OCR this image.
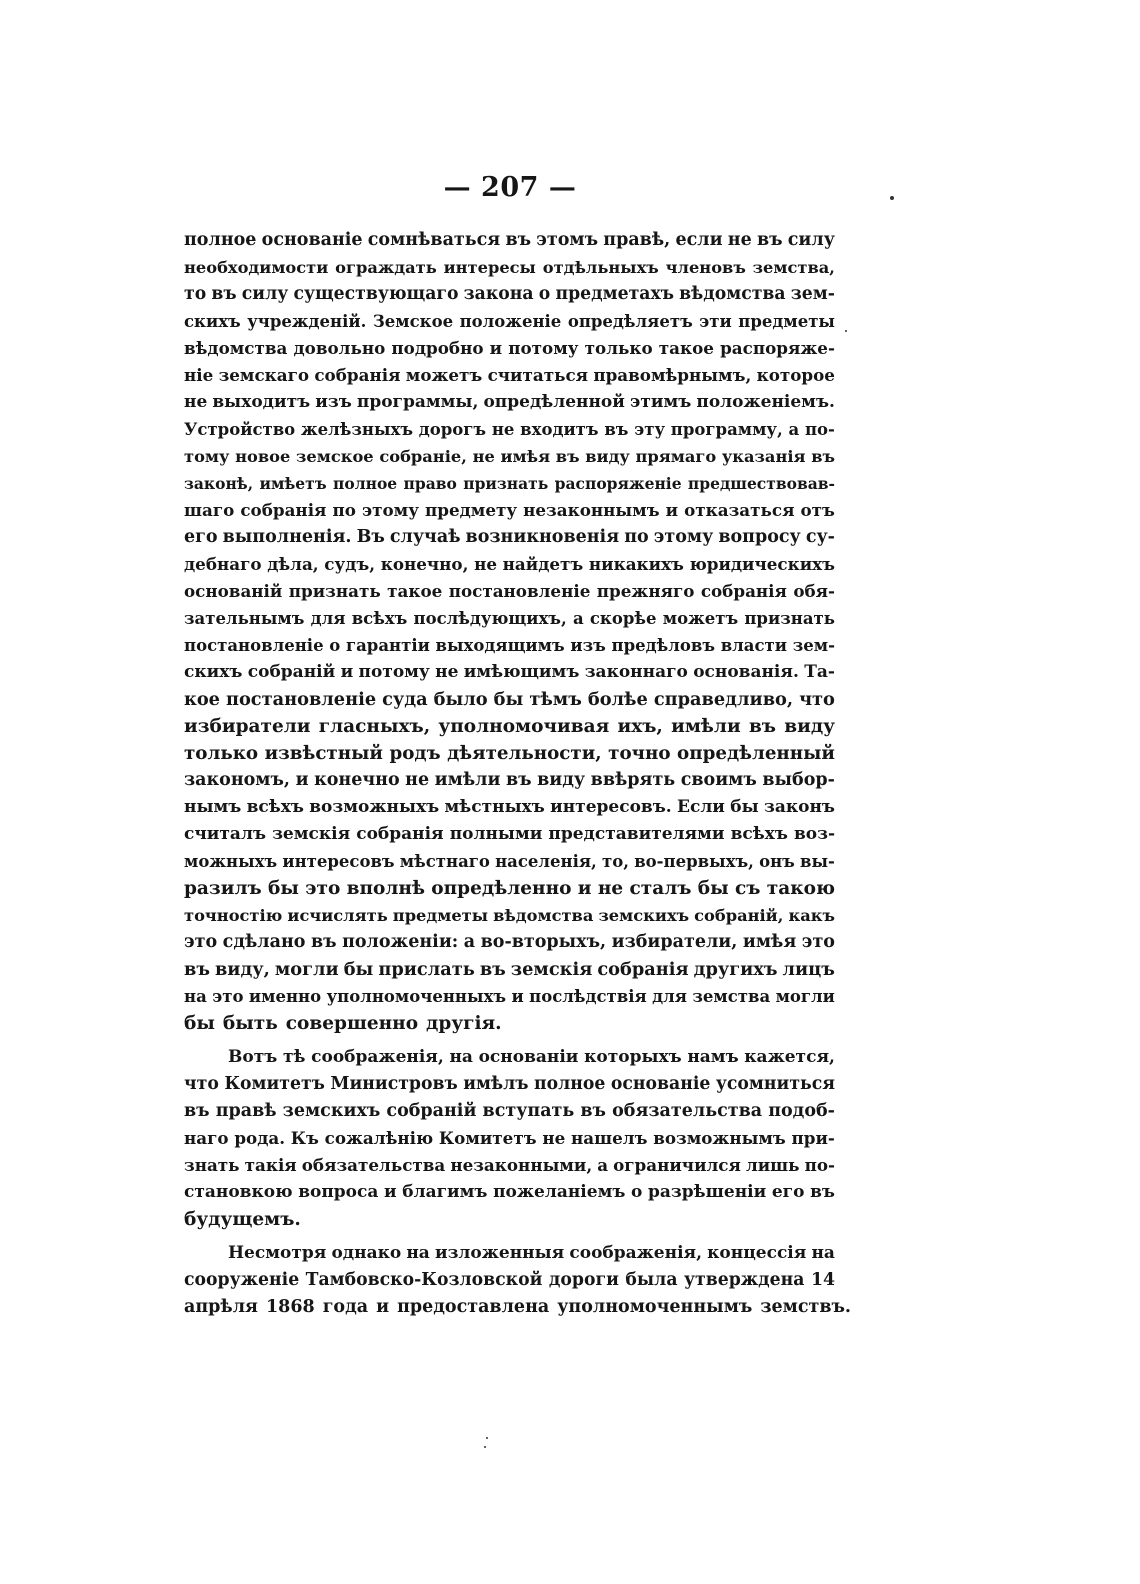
— 207 —
полное основаніе сомнѣваться въ этомъ правѣ, если не въ силу
необходимости ограждать интересы отдѣльныхъ членовъ земства,
то въ силу существующаго закона о предметахъ вѣдомства зем-
скихъ учрежденій. Земское положеніе опредѣляетъ эти предметы
вѣдомства довольно подробно и потому только такое распоряже-
ніе земскаго собранія можетъ считаться правомѣрнымъ, которое
не выходитъ изъ программы, опредѣленной этимъ положеніемъ.
Устройство желѣзныхъ дорогъ не входитъ въ эту программу, а по-
тому новое земское собраніе, не имѣя въ виду прямаго указанія въ
законѣ, имѣетъ полное право признать распоряженіе предшествовав-
шаго собранія по этому предмету незаконнымъ и отказаться отъ
его выполненія. Въ случаѣ возникновенія по этому вопросу су-
дебнаго дѣла, судъ, конечно, не найдетъ никакихъ юридическихъ
основаній признать такое постановленіе прежняго собранія обя-
зательнымъ для всѣхъ послѣдующихъ, а скорѣе можетъ признать
постановленіе о гарантіи выходящимъ изъ предѣловъ власти зем-
скихъ собраній и потому не имѣющимъ законнаго основанія. Та-
кое постановленіе суда было бы тѣмъ болѣе справедливо, что
избиратели гласныхъ, уполномочивая ихъ, имѣли въ виду
только извѣстный родъ дѣятельности, точно опредѣленный
закономъ, и конечно не имѣли въ виду ввѣрять своимъ выбор-
нымъ всѣхъ возможныхъ мѣстныхъ интересовъ. Если бы законъ
считалъ земскія собранія полными представителями всѣхъ воз-
можныхъ интересовъ мѣстнаго населенія, то, во-первыхъ, онъ вы-
разилъ бы это вполнѣ опредѣленно и не сталъ бы съ такою
точностію исчислять предметы вѣдомства земскихъ собраній, какъ
это сдѣлано въ положеніи: а во-вторыхъ, избиратели, имѣя это
въ виду, могли бы прислать въ земскія собранія другихъ лицъ
на это именно уполномоченныхъ и послѣдствія для земства могли
бы быть совершенно другія.
Вотъ тѣ соображенія, на основаніи которыхъ намъ кажется,
что Комитетъ Министровъ имѣлъ полное основаніе усомниться
въ правѣ земскихъ собраній вступать въ обязательства подоб-
наго рода. Къ сожалѣнію Комитетъ не нашелъ возможнымъ при-
знать такія обязательства незаконными, а ограничился лишь по-
становкою вопроса и благимъ пожеланіемъ о разрѣшеніи его въ
будущемъ.
Несмотря однако на изложенныя соображенія, концессія на
сооруженіе Тамбовско-Козловской дороги была утверждена 14
апрѣля 1868 года и предоставлена уполномоченнымъ земствъ.
